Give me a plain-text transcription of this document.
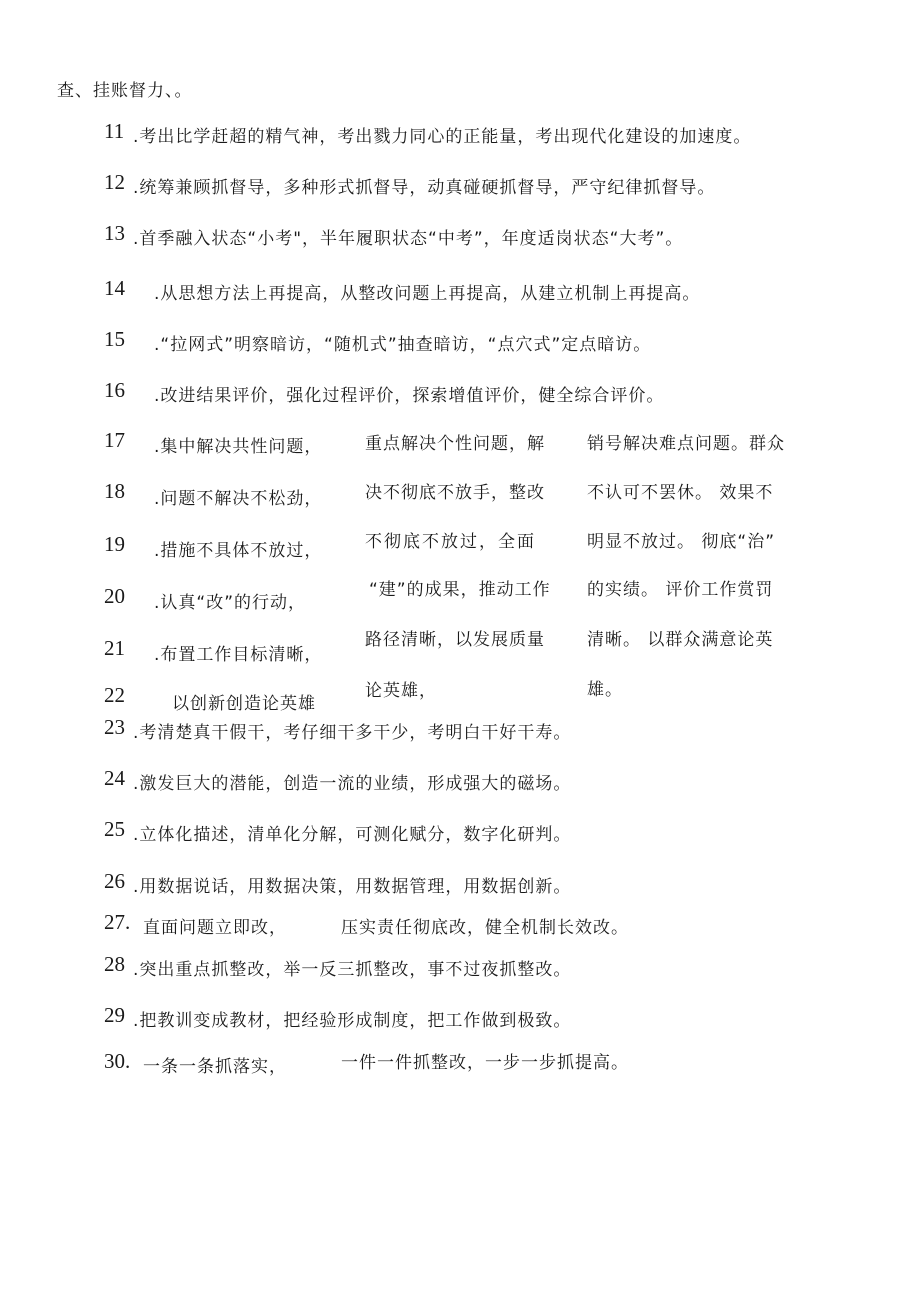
查、挂账督力、。
11 .考出比学赶超的精气神，考出戮力同心的正能量，考出现代化建设的加速度。
12 .统筹兼顾抓督导，多种形式抓督导，动真碰硬抓督导，严守纪律抓督导。
13 .首季融入状态“小考"，半年履职状态“中考”，年度适岗状态“大考”。
14 .从思想方法上再提高，从整改问题上再提高，从建立机制上再提高。
15 .“拉网式”明察暗访，“随机式”抽查暗访，“点穴式”定点暗访。
16 .改进结果评价，强化过程评价，探索增值评价，健全综合评价。
17
18
19
20
21
22
.集中解决共性问题，
.问题不解决不松劲，
.措施不具体不放过，
.认真“改”的行动，
.布置工作目标清晰，
以创新创造论英雄
重点解决个性问题，解
决不彻底不放手，整改
不彻底不放过，全面
“建”的成果，推动工作
路径清晰，以发展质量
论英雄，
销号解决难点问题。群众
不认可不罢休。 效果不
明显不放过。 彻底“治”
的实绩。 评价工作赏罚
清晰。 以群众满意论英
雄。
23 .考清楚真干假干，考仔细干多干少，考明白干好干寿。
24 .激发巨大的潜能，创造一流的业绩，形成强大的磁场。
25 .立体化描述，清单化分解，可测化赋分，数字化研判。
26 .用数据说话，用数据决策，用数据管理，用数据创新。
27. 直面问题立即改，	压实责任彻底改，健全机制长效改。
28 .突出重点抓整改，举一反三抓整改，事不过夜抓整改。
29 .把教训变成教材，把经验形成制度，把工作做到极致。
30. 一条一条抓落实，	一件一件抓整改，一步一步抓提高。
